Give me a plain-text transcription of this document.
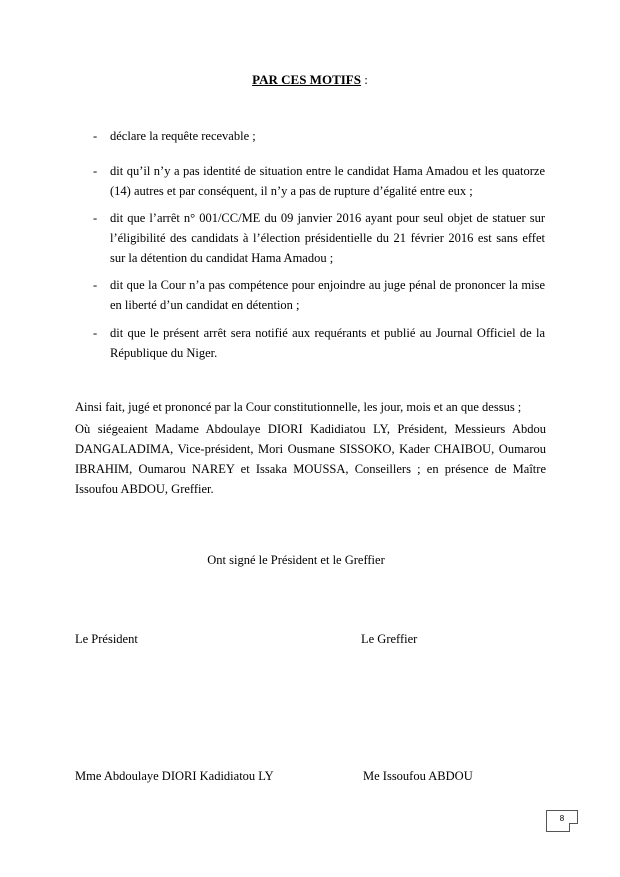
PAR CES MOTIFS :
- déclare la requête recevable ;
- dit qu’il n’y a pas identité de situation entre le candidat Hama Amadou et les quatorze (14) autres et par conséquent, il n’y a pas de rupture d’égalité entre eux ;
- dit que l’arrêt n° 001/CC/ME du 09 janvier 2016 ayant pour seul objet de statuer sur l’éligibilité des candidats à l’élection présidentielle du 21 février 2016 est sans effet sur la détention du candidat Hama Amadou ;
- dit que la Cour n’a pas compétence pour enjoindre au juge pénal de prononcer la mise en liberté d’un candidat en détention ;
- dit que le présent arrêt sera notifié aux requérants et publié au Journal Officiel de la République du Niger.
Ainsi fait, jugé et prononcé par la Cour constitutionnelle, les jour, mois et an que dessus ;
Où siégeaient Madame Abdoulaye DIORI Kadidiatou LY, Président, Messieurs Abdou DANGALADIMA, Vice-président, Mori Ousmane SISSOKO, Kader CHAIBOU, Oumarou IBRAHIM, Oumarou NAREY et Issaka MOUSSA, Conseillers ; en présence de Maître Issoufou ABDOU, Greffier.
Ont signé le Président et le Greffier
Le Président	Le Greffier
Mme Abdoulaye DIORI Kadidiatou LY	Me Issoufou ABDOU
8
